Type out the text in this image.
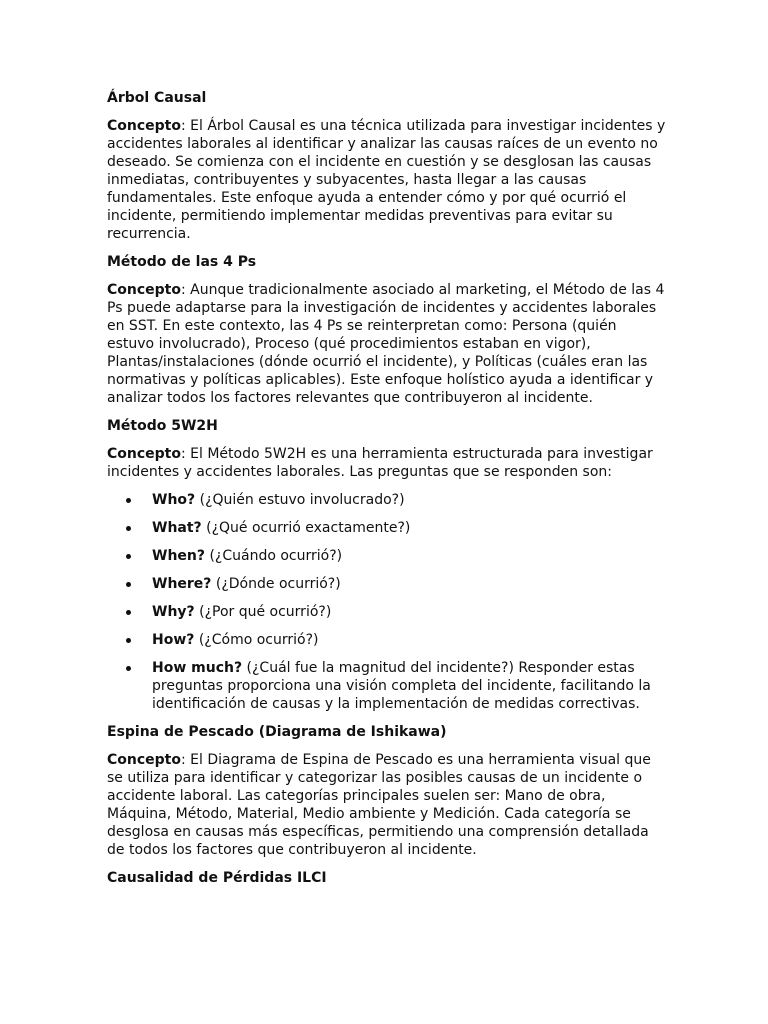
Árbol Causal

Concepto: El Árbol Causal es una técnica utilizada para investigar incidentes y accidentes laborales al identificar y analizar las causas raíces de un evento no deseado. Se comienza con el incidente en cuestión y se desglosan las causas inmediatas, contribuyentes y subyacentes, hasta llegar a las causas fundamentales. Este enfoque ayuda a entender cómo y por qué ocurrió el incidente, permitiendo implementar medidas preventivas para evitar su recurrencia.

Método de las 4 Ps

Concepto: Aunque tradicionalmente asociado al marketing, el Método de las 4 Ps puede adaptarse para la investigación de incidentes y accidentes laborales en SST. En este contexto, las 4 Ps se reinterpretan como: Persona (quién estuvo involucrado), Proceso (qué procedimientos estaban en vigor), Plantas/instalaciones (dónde ocurrió el incidente), y Políticas (cuáles eran las normativas y políticas aplicables). Este enfoque holístico ayuda a identificar y analizar todos los factores relevantes que contribuyeron al incidente.

Método 5W2H

Concepto: El Método 5W2H es una herramienta estructurada para investigar incidentes y accidentes laborales. Las preguntas que se responden son:

Who? (¿Quién estuvo involucrado?)
What? (¿Qué ocurrió exactamente?)
When? (¿Cuándo ocurrió?)
Where? (¿Dónde ocurrió?)
Why? (¿Por qué ocurrió?)
How? (¿Cómo ocurrió?)
How much? (¿Cuál fue la magnitud del incidente?) Responder estas preguntas proporciona una visión completa del incidente, facilitando la identificación de causas y la implementación de medidas correctivas.
Espina de Pescado (Diagrama de Ishikawa)

Concepto: El Diagrama de Espina de Pescado es una herramienta visual que se utiliza para identificar y categorizar las posibles causas de un incidente o accidente laboral. Las categorías principales suelen ser: Mano de obra, Máquina, Método, Material, Medio ambiente y Medición. Cada categoría se desglosa en causas más específicas, permitiendo una comprensión detallada de todos los factores que contribuyeron al incidente.

Causalidad de Pérdidas ILCI
